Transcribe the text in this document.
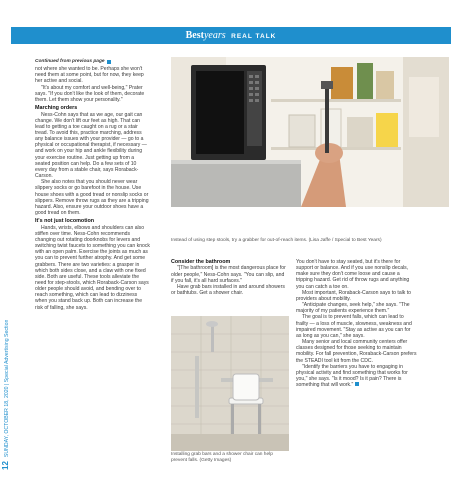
Bestyears REAL TALK
12SUNDAY, OCTOBER 18, 2020 | Special Advertising Section
Continued from previous page

not where she wanted to be. Perhaps she won't need them at some point, but for now, they keep her active and social.

"It's about my comfort and well-being," Prater says. "If you don't like the look of them, decorate them. Let them show your personality."

Marching orders

Ness-Cohn says that as we age, our gait can change. We don't lift our feet as high. That can lead to getting a toe caught on a rug or a stair tread. To avoid this, practice marching, address any balance issues with your provider — go to a physical or occupational therapist, if necessary — and work on your hip and ankle flexibility during your exercise routine. Just getting up from a seated position can help. Do a few sets of 10 every day from a stable chair, says Roraback-Carson.

She also notes that you should never wear slippery socks or go barefoot in the house. Use house shoes with a good tread or nonslip socks or slippers. Remove throw rugs as they are a tripping hazard. Also, ensure your outdoor shoes have a good tread on them.

It's not just locomotion

Hands, wrists, elbows and shoulders can also stiffen over time. Ness-Cohn recommends changing out rotating doorknobs for levers and switching twist faucets to something you can knock with an open palm. Exercise the joints as much as you can to prevent further atrophy. And get some grabbers. There are two varieties: a grasper in which both sides close, and a claw with one fixed side. Both are useful. These tools alleviate the need for step-stools, which Roraback-Carson says older people should avoid, and bending over to reach something, which can lead to dizziness when you stand back up. Both can increase the risk of falling, she says.

Instead of using step stools, try a grabber for out-of-reach items. (Lisa Jaffe / Special to Best Years)
Consider the bathroom

"[The bathroom] is the most dangerous place for older people," Ness-Cohn says. "You can slip, and if you fall, it's all hard surfaces."

Have grab bars installed in and around showers or bathtubs. Get a shower chair.

Installing grab bars and a shower chair can help prevent falls. (Getty Images)

You don't have to stay seated, but it's there for support or balance. And if you use nonslip decals, make sure they don't come loose and cause a tripping hazard. Get rid of throw rugs and anything you can catch a toe on.

Most important, Roraback-Carson says to talk to providers about mobility.

"Anticipate changes, seek help," she says. "The majority of my patients experience them."

The goal is to prevent falls, which can lead to frailty — a loss of muscle, slowness, weakness and impaired movement. "Stay as active as you can for as long as you can," she says.

Many senior and local community centers offer classes designed for those seeking to maintain mobility. For fall prevention, Roraback-Carson prefers the STEADI tool kit from the CDC.

"Identify the barriers you have to engaging in physical activity and find something that works for you," she says. "Is it mood? Is it pain? There is something that will work."
